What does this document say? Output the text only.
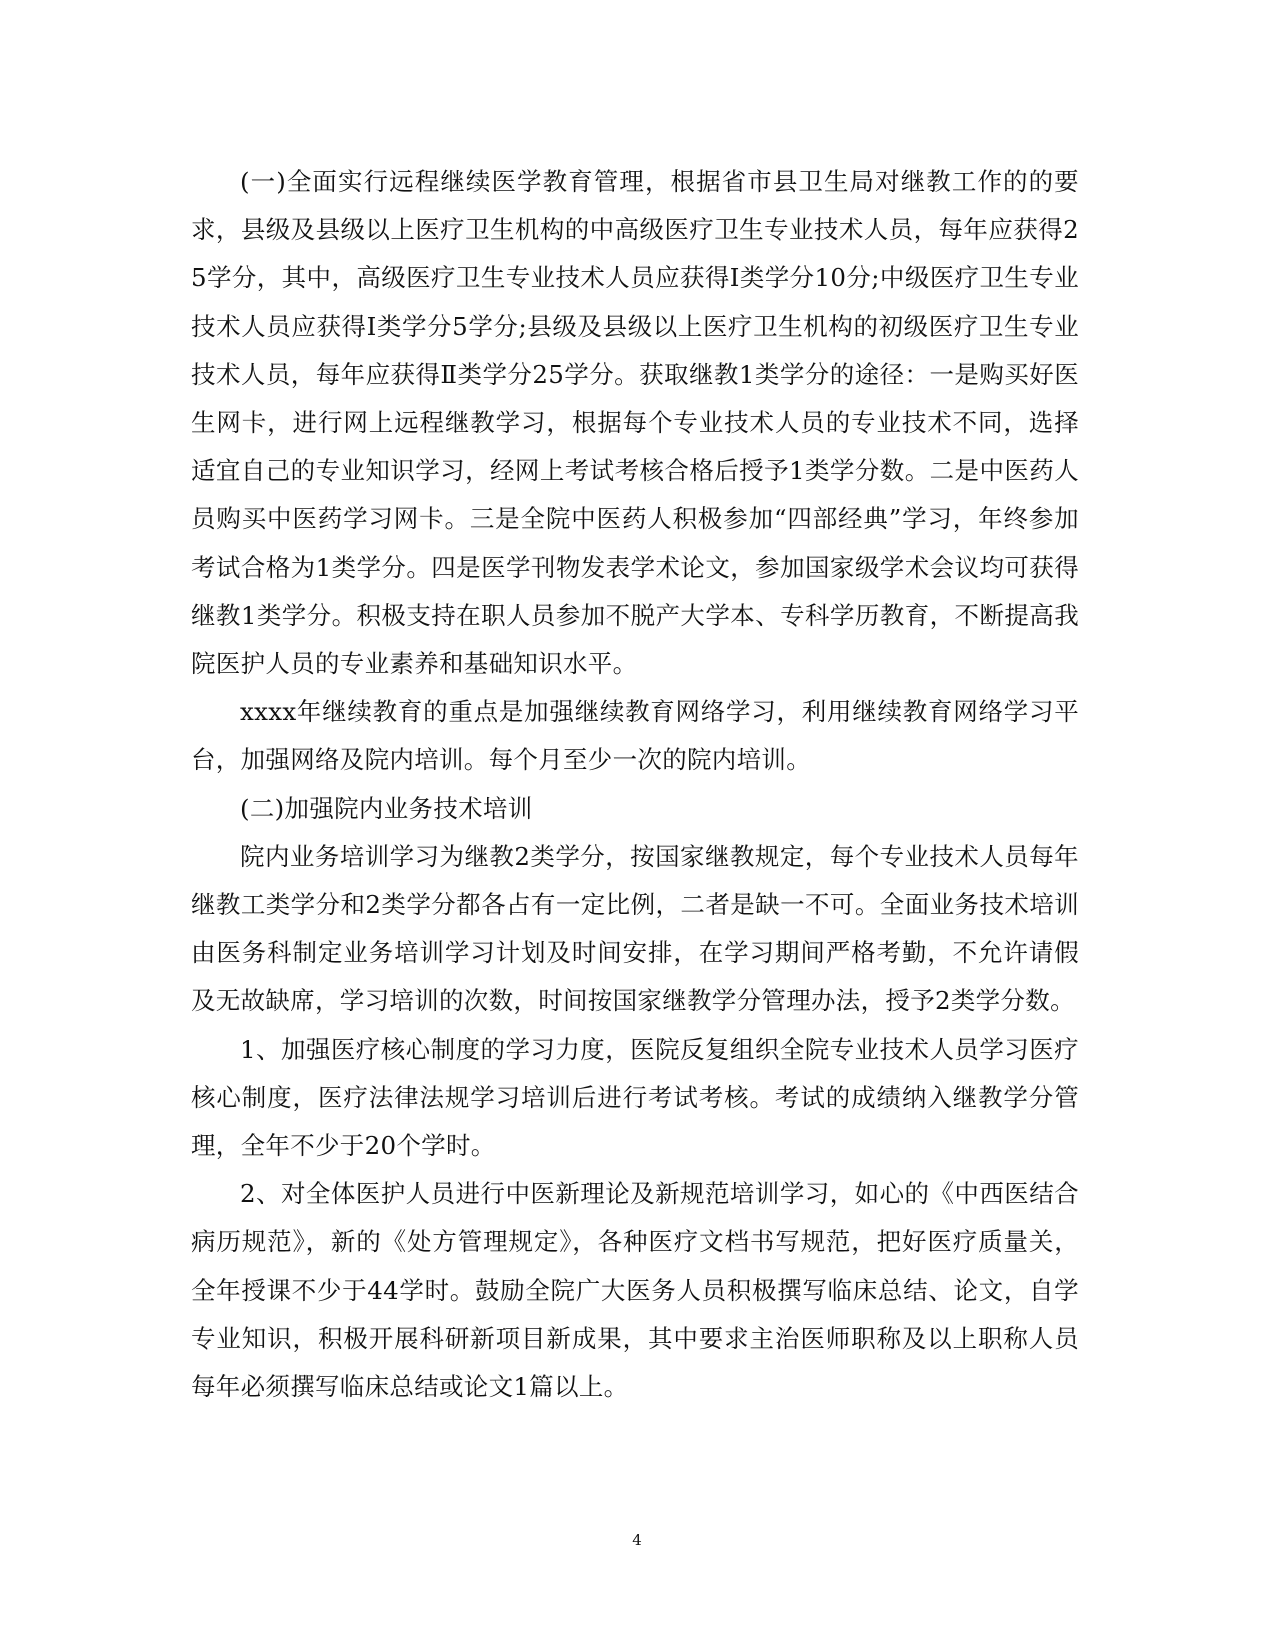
(一)全面实行远程继续医学教育管理，根据省市县卫生局对继教工作的的要求，县级及县级以上医疗卫生机构的中高级医疗卫生专业技术人员，每年应获得25学分，其中，高级医疗卫生专业技术人员应获得Ⅰ类学分10分;中级医疗卫生专业技术人员应获得Ⅰ类学分5学分;县级及县级以上医疗卫生机构的初级医疗卫生专业技术人员，每年应获得Ⅱ类学分25学分。获取继教1类学分的途径：一是购买好医生网卡，进行网上远程继教学习，根据每个专业技术人员的专业技术不同，选择适宜自己的专业知识学习，经网上考试考核合格后授予1类学分数。二是中医药人员购买中医药学习网卡。三是全院中医药人积极参加“四部经典”学习，年终参加考试合格为1类学分。四是医学刊物发表学术论文，参加国家级学术会议均可获得继教1类学分。积极支持在职人员参加不脱产大学本、专科学历教育，不断提高我院医护人员的专业素养和基础知识水平。

xxxx年继续教育的重点是加强继续教育网络学习，利用继续教育网络学习平台，加强网络及院内培训。每个月至少一次的院内培训。

(二)加强院内业务技术培训

院内业务培训学习为继教2类学分，按国家继教规定，每个专业技术人员每年继教工类学分和2类学分都各占有一定比例，二者是缺一不可。全面业务技术培训由医务科制定业务培训学习计划及时间安排，在学习期间严格考勤，不允许请假及无故缺席，学习培训的次数，时间按国家继教学分管理办法，授予2类学分数。

1、加强医疗核心制度的学习力度，医院反复组织全院专业技术人员学习医疗核心制度，医疗法律法规学习培训后进行考试考核。考试的成绩纳入继教学分管理，全年不少于20个学时。

2、对全体医护人员进行中医新理论及新规范培训学习，如心的《中西医结合病历规范》，新的《处方管理规定》，各种医疗文档书写规范，把好医疗质量关，全年授课不少于44学时。鼓励全院广大医务人员积极撰写临床总结、论文，自学专业知识，积极开展科研新项目新成果，其中要求主治医师职称及以上职称人员每年必须撰写临床总结或论文1篇以上。

4
